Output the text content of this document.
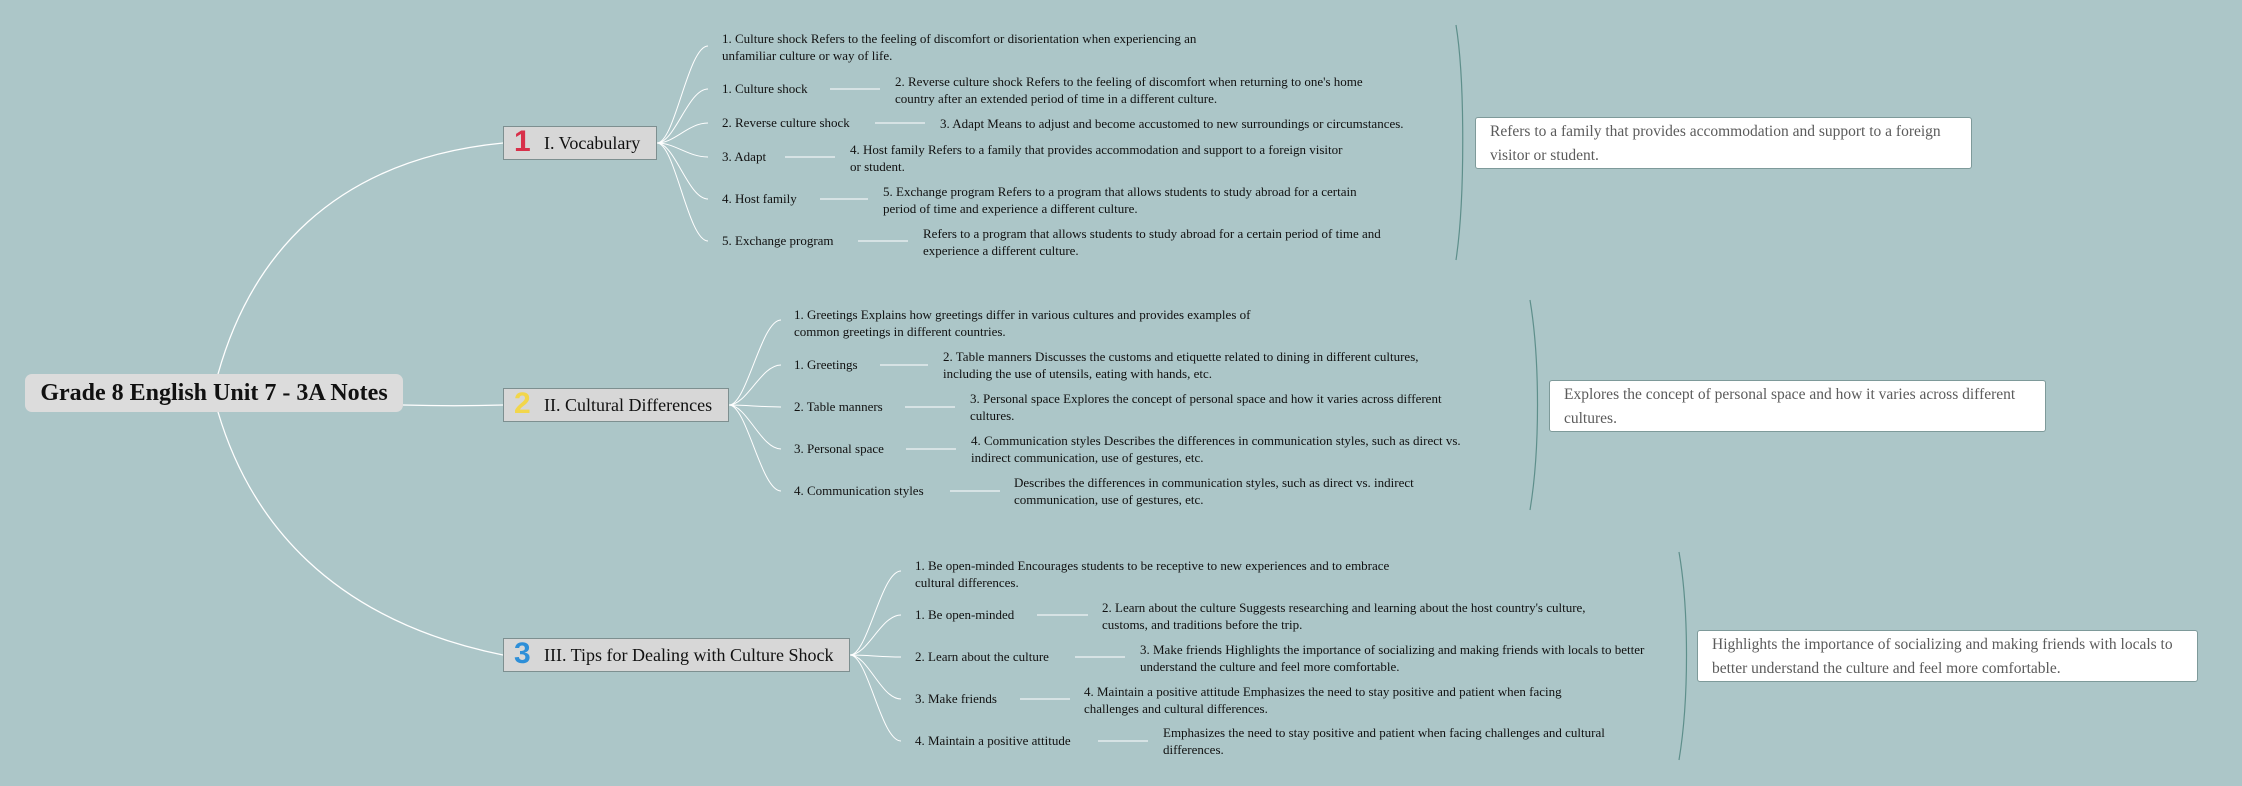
Grade 8 English Unit 7 - 3A Notes
1 I. Vocabulary
1. Culture shock Refers to the feeling of discomfort or disorientation when experiencing an unfamiliar culture or way of life.
1. Culture shock	2. Reverse culture shock Refers to the feeling of discomfort when returning to one's home country after an extended period of time in a different culture.
2. Reverse culture shock	3. Adapt Means to adjust and become accustomed to new surroundings or circumstances.
3. Adapt	4. Host family Refers to a family that provides accommodation and support to a foreign visitor or student.
4. Host family	5. Exchange program Refers to a program that allows students to study abroad for a certain period of time and experience a different culture.
5. Exchange program	Refers to a program that allows students to study abroad for a certain period of time and experience a different culture.
Refers to a family that provides accommodation and support to a foreign visitor or student.
2 II. Cultural Differences
1. Greetings Explains how greetings differ in various cultures and provides examples of common greetings in different countries.
1. Greetings
2. Table manners Discusses the customs and etiquette related to dining in different cultures, including the use of utensils, eating with hands, etc.
2. Table manners
3. Personal space Explores the concept of personal space and how it varies across different cultures.
3. Personal space
4. Communication styles Describes the differences in communication styles, such as direct vs. indirect communication, use of gestures, etc.
4. Communication styles
Describes the differences in communication styles, such as direct vs. indirect communication, use of gestures, etc.
Explores the concept of personal space and how it varies across different cultures.
3 III. Tips for Dealing with Culture Shock
1. Be open-minded Encourages students to be receptive to new experiences and to embrace cultural differences.
1. Be open-minded	2. Learn about the culture Suggests researching and learning about the host country's culture, customs, and traditions before the trip.
2. Learn about the culture	3. Make friends Highlights the importance of socializing and making friends with locals to better understand the culture and feel more comfortable.
3. Make friends	4. Maintain a positive attitude Emphasizes the need to stay positive and patient when facing challenges and cultural differences.
4. Maintain a positive attitude
Emphasizes the need to stay positive and patient when facing challenges and cultural differences.
Highlights the importance of socializing and making friends with locals to better understand the culture and feel more comfortable.
